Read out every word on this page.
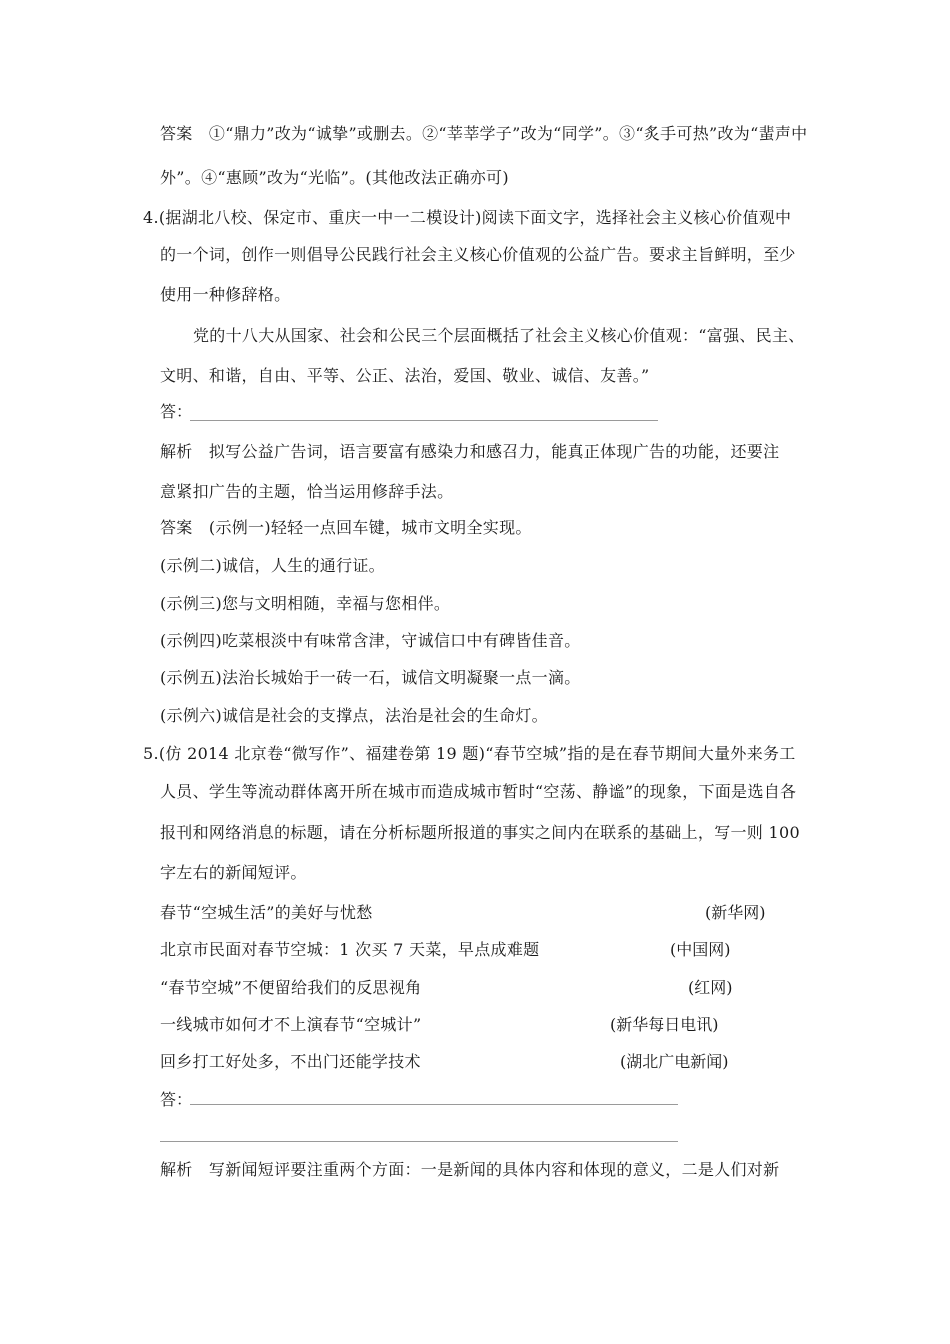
答案　①“鼎力”改为“诚挚”或删去。②“莘莘学子”改为“同学”。③“炙手可热”改为“蜚声中
外”。④“惠顾”改为“光临”。(其他改法正确亦可)
4.(据湖北八校、保定市、重庆一中一二模设计)阅读下面文字，选择社会主义核心价值观中
的一个词，创作一则倡导公民践行社会主义核心价值观的公益广告。要求主旨鲜明，至少
使用一种修辞格。
党的十八大从国家、社会和公民三个层面概括了社会主义核心价值观：“富强、民主、
文明、和谐，自由、平等、公正、法治，爱国、敬业、诚信、友善。”
答：
解析　拟写公益广告词，语言要富有感染力和感召力，能真正体现广告的功能，还要注
意紧扣广告的主题，恰当运用修辞手法。
答案　(示例一)轻轻一点回车键，城市文明全实现。
(示例二)诚信，人生的通行证。
(示例三)您与文明相随，幸福与您相伴。
(示例四)吃菜根淡中有味常含津，守诚信口中有碑皆佳音。
(示例五)法治长城始于一砖一石，诚信文明凝聚一点一滴。
(示例六)诚信是社会的支撑点，法治是社会的生命灯。
5.(仿 2014 北京卷“微写作”、福建卷第 19 题)“春节空城”指的是在春节期间大量外来务工
人员、学生等流动群体离开所在城市而造成城市暂时“空荡、静谧”的现象，下面是选自各
报刊和网络消息的标题，请在分析标题所报道的事实之间内在联系的基础上，写一则 100
字左右的新闻短评。
春节“空城生活”的美好与忧愁	(新华网)
北京市民面对春节空城：1 次买 7 天菜，早点成难题	(中国网)
“春节空城”不便留给我们的反思视角	(红网)
一线城市如何才不上演春节“空城计”	(新华每日电讯)
回乡打工好处多，不出门还能学技术	(湖北广电新闻)
答：
解析　写新闻短评要注重两个方面：一是新闻的具体内容和体现的意义，二是人们对新
